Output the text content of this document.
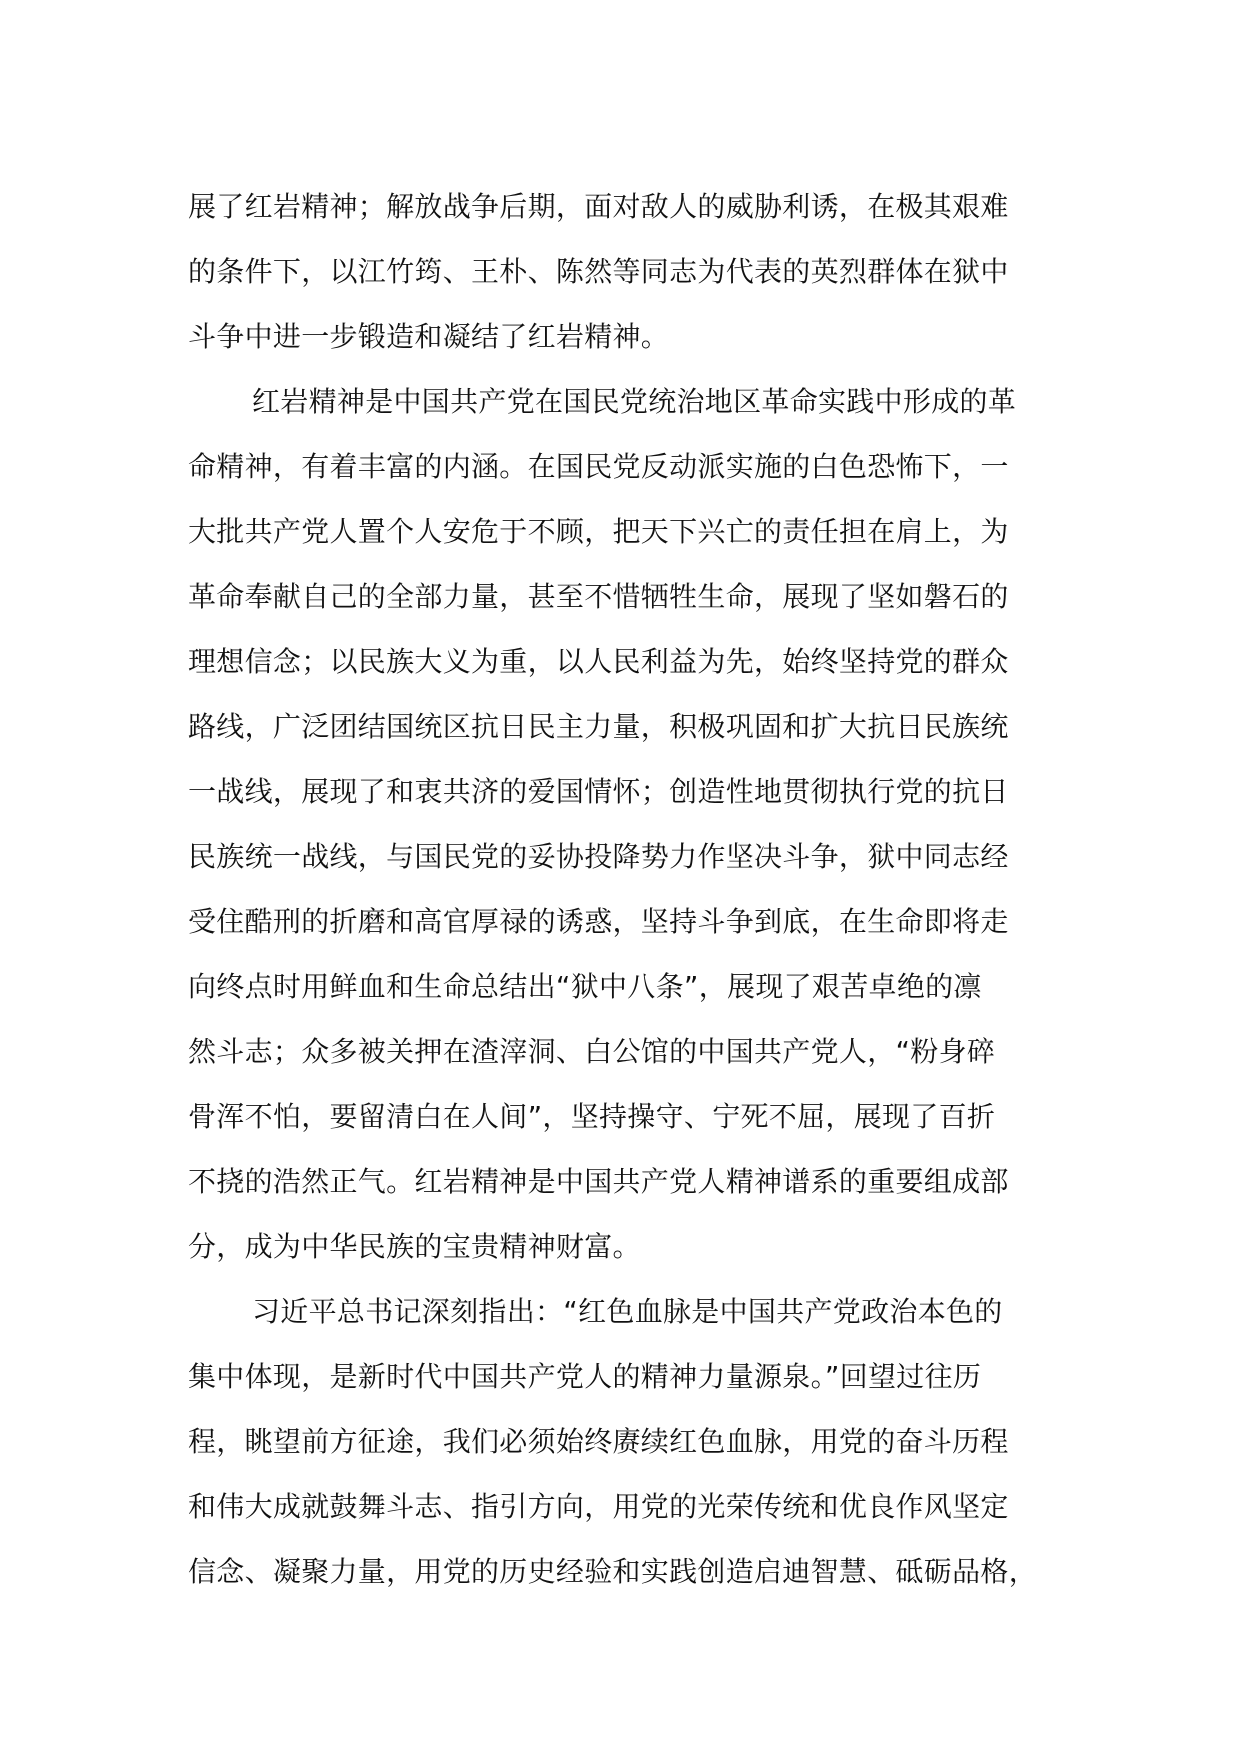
展了红岩精神；解放战争后期，面对敌人的威胁利诱，在极其艰难
的条件下，以江竹筠、王朴、陈然等同志为代表的英烈群体在狱中
斗争中进一步锻造和凝结了红岩精神。
红岩精神是中国共产党在国民党统治地区革命实践中形成的革
命精神，有着丰富的内涵。在国民党反动派实施的白色恐怖下，一
大批共产党人置个人安危于不顾，把天下兴亡的责任担在肩上，为
革命奉献自己的全部力量，甚至不惜牺牲生命，展现了坚如磐石的
理想信念；以民族大义为重，以人民利益为先，始终坚持党的群众
路线，广泛团结国统区抗日民主力量，积极巩固和扩大抗日民族统
一战线，展现了和衷共济的爱国情怀；创造性地贯彻执行党的抗日
民族统一战线，与国民党的妥协投降势力作坚决斗争，狱中同志经
受住酷刑的折磨和高官厚禄的诱惑，坚持斗争到底，在生命即将走
向终点时用鲜血和生命总结出“狱中八条”，展现了艰苦卓绝的凛
然斗志；众多被关押在渣滓洞、白公馆的中国共产党人，“粉身碎
骨浑不怕，要留清白在人间”，坚持操守、宁死不屈，展现了百折
不挠的浩然正气。红岩精神是中国共产党人精神谱系的重要组成部
分，成为中华民族的宝贵精神财富。
习近平总书记深刻指出：“红色血脉是中国共产党政治本色的
集中体现，是新时代中国共产党人的精神力量源泉。”回望过往历
程，眺望前方征途，我们必须始终赓续红色血脉，用党的奋斗历程
和伟大成就鼓舞斗志、指引方向，用党的光荣传统和优良作风坚定
信念、凝聚力量，用党的历史经验和实践创造启迪智慧、砥砺品格，
